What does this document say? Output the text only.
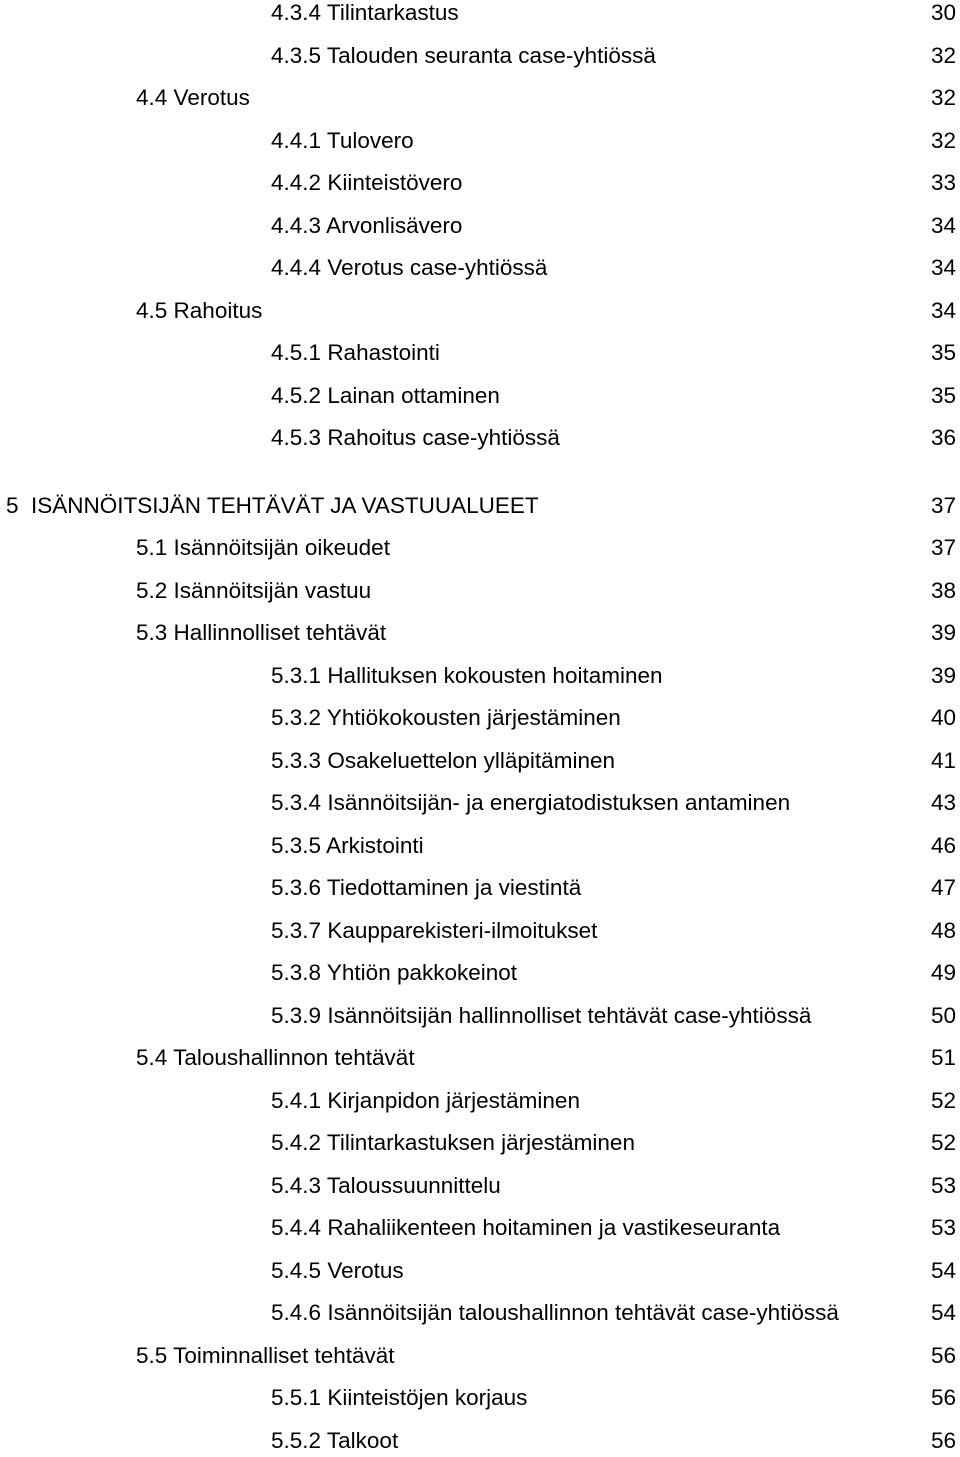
4.3.4 Tilintarkastus	30
4.3.5 Talouden seuranta case-yhtiössä	32
4.4 Verotus	32
4.4.1 Tulovero	32
4.4.2 Kiinteistövero	33
4.4.3 Arvonlisävero	34
4.4.4 Verotus case-yhtiössä	34
4.5 Rahoitus	34
4.5.1 Rahastointi	35
4.5.2 Lainan ottaminen	35
4.5.3 Rahoitus case-yhtiössä	36
5 ISÄNNÖITSIJÄN TEHTÄVÄT JA VASTUUALUEET	37
5.1 Isännöitsijän oikeudet	37
5.2 Isännöitsijän vastuu	38
5.3 Hallinnolliset tehtävät	39
5.3.1 Hallituksen kokousten hoitaminen	39
5.3.2 Yhtiökokousten järjestäminen	40
5.3.3 Osakeluettelon ylläpitäminen	41
5.3.4 Isännöitsijän- ja energiatodistuksen antaminen	43
5.3.5 Arkistointi	46
5.3.6 Tiedottaminen ja viestintä	47
5.3.7 Kaupparekisteri-ilmoitukset	48
5.3.8 Yhtiön pakkokeinot	49
5.3.9 Isännöitsijän hallinnolliset tehtävät case-yhtiössä	50
5.4 Taloushallinnon tehtävät	51
5.4.1 Kirjanpidon järjestäminen	52
5.4.2 Tilintarkastuksen järjestäminen	52
5.4.3 Taloussuunnittelu	53
5.4.4 Rahaliikenteen hoitaminen ja vastikeseuranta	53
5.4.5 Verotus	54
5.4.6 Isännöitsijän taloushallinnon tehtävät case-yhtiössä	54
5.5 Toiminnalliset tehtävät	56
5.5.1 Kiinteistöjen korjaus	56
5.5.2 Talkoot	56
